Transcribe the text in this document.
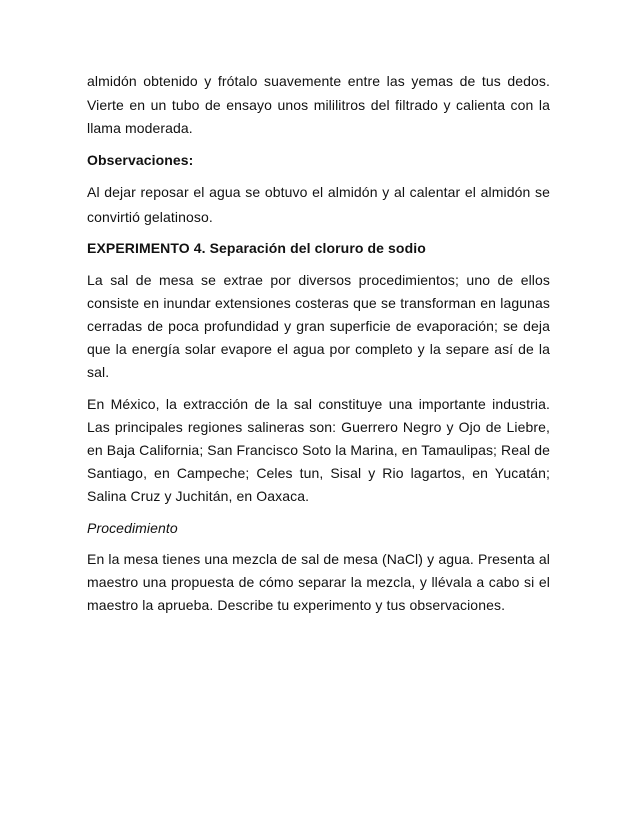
almidón obtenido y frótalo suavemente entre las yemas de tus dedos. Vierte en un tubo de ensayo unos mililitros del filtrado y calienta con la llama moderada.

Observaciones:

Al dejar reposar el agua se obtuvo el almidón y al calentar el almidón se convirtió gelatinoso.

EXPERIMENTO 4. Separación del cloruro de sodio

La sal de mesa se extrae por diversos procedimientos; uno de ellos consiste en inundar extensiones costeras que se transforman en lagunas cerradas de poca profundidad y gran superficie de evaporación; se deja que la energía solar evapore el agua por completo y la separe así de la sal.

En México, la extracción de la sal constituye una importante industria. Las principales regiones salineras son: Guerrero Negro y Ojo de Liebre, en Baja California; San Francisco Soto la Marina, en Tamaulipas; Real de Santiago, en Campeche; Celes tun, Sisal y Rio lagartos, en Yucatán; Salina Cruz y Juchitán, en Oaxaca.

Procedimiento

En la mesa tienes una mezcla de sal de mesa (NaCl) y agua. Presenta al maestro una propuesta de cómo separar la mezcla, y llévala a cabo si el maestro la aprueba. Describe tu experimento y tus observaciones.
